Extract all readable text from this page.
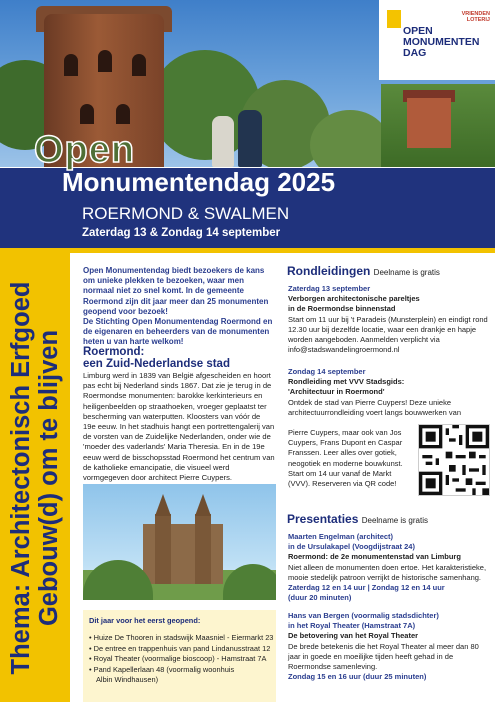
VRIENDEN LOTERIJ
OPEN
MONUMENTEN
DAG
Open
Monumentendag 2025
ROERMOND & SWALMEN
Zaterdag 13 & Zondag 14 september
Thema: Architectonisch Erfgoed Gebouw(d) om te blijven

Open Monumentendag biedt bezoekers de kans om unieke plekken te bezoeken, waar men normaal niet zo snel komt. In de gemeente Roermond zijn dit jaar meer dan 25 monumenten geopend voor bezoek!

De Stichting Open Monumentendag Roermond en de eigenaren en beheerders van de monumenten heten u van harte welkom!

Roermond:
een Zuid-Nederlandse stad
Limburg werd in 1839 van België afgescheiden en hoort pas echt bij Nederland sinds 1867. Dat zie je terug in de Roermondse monumenten: barokke kerkinterieurs en heiligenbeelden op straathoeken, vroeger geplaatst ter bescherming van waterputten. Kloosters van vóór de 19e eeuw. In het stadhuis hangt een portrettengalerij van de vorsten van de Zuidelijke Nederlanden, onder wie de 'moeder des vaderlands' Maria Theresia. En in de 19e eeuw werd de bisschopsstad Roermond het centrum van de katholieke emancipatie, die visueel werd vormgegeven door architect Pierre Cuypers.
Dit jaar voor het eerst geopend:
• Huize De Thooren in stadswijk Maasniel - Eiermarkt 23
• De entree en trappenhuis van pand Lindanusstraat 12
• Royal Theater (voormalige bioscoop) - Hamstraat 7A
• Pand Kapellerlaan 48 (voormalig woonhuis
Albin Windhausen)
Rondleidingen Deelname is gratis

Zaterdag 13 september

Verborgen architectonische pareltjes

in de Roermondse binnenstad

Start om 11 uur bij 't Paradeis (Munsterplein) en eindigt rond 12.30 uur bij dezelfde locatie, waar een drankje en hapje worden aangeboden. Aanmelden verplicht via info@stadswandelingroermond.nl

Zondag 14 september

Rondleiding met VVV Stadsgids:

'Architectuur in Roermond'

Ontdek de stad van Pierre Cuypers! Deze unieke architectuurrondleiding voert langs bouwwerken van

Pierre Cuypers, maar ook van Jos Cuypers, Frans Dupont en Caspar Franssen. Leer alles over gotiek, neogotiek en moderne bouwkunst. Start om 14 uur vanaf de Markt (VVV). Reserveren via QR code!

Presentaties Deelname is gratis

Maarten Engelman (architect)

in de Ursulakapel (Voogdijstraat 24)

Roermond: de 2e monumentenstad van Limburg

Niet alleen de monumenten doen ertoe. Het karakteristieke, mooie stedelijk patroon verrijkt de historische samenhang.

Zaterdag 12 en 14 uur | Zondag 12 en 14 uur

(duur 20 minuten)

Hans van Bergen (voormalig stadsdichter)

in het Royal Theater (Hamstraat 7A)

De betovering van het Royal Theater

De brede betekenis die het Royal Theater al meer dan 80 jaar in goede en moeilijke tijden heeft gehad in de Roermondse samenleving.

Zondag 15 en 16 uur (duur 25 minuten)
